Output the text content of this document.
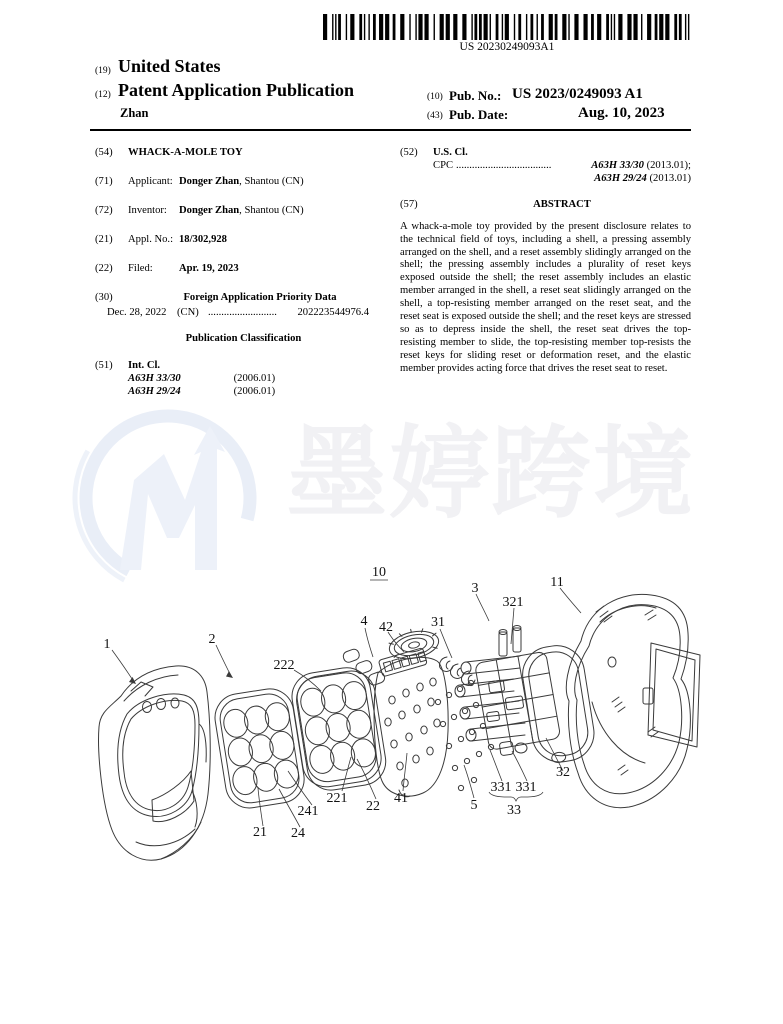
墨婷跨境
US 20230249093A1
(19) United States
(12) Patent Application Publication
Zhan
(10) Pub. No.: US 2023/0249093 A1
(43) Pub. Date:	Aug. 10, 2023
(54)	WHACK-A-MOLE TOY
(71)	Applicant: Donger Zhan, Shantou (CN)
(72)	Inventor: Donger Zhan, Shantou (CN)
(21)	Appl. No.: 18/302,928
(22)	Filed: Apr. 19, 2023
(30)	Foreign Application Priority Data
Dec. 28, 2022 (CN) ..........................	202223544976.4
Publication Classification
(51)	Int. Cl.
A63H 33/30	(2006.01)
A63H 29/24	(2006.01)
(52)	U.S. Cl.
CPC ....................................	A63H 33/30 (2013.01);
A63H 29/24 (2013.01)
(57)	ABSTRACT
A whack-a-mole toy provided by the present disclosure relates to the technical field of toys, including a shell, a pressing assembly arranged on the shell, and a reset assembly slidingly arranged on the shell; the pressing assembly includes a plurality of reset keys exposed outside the shell; the reset assembly includes an elastic member arranged in the shell, a reset seat slidingly arranged on the shell, a top-resisting member arranged on the reset seat, and the reset seat is exposed outside the shell; and the reset keys are stressed so as to depress inside the shell, the reset seat drives the top-resisting member to slide, the top-resisting member top-resists the reset keys for sliding reset or deformation reset, and the elastic member provides acting force that drives the reset seat to reset.
10
1	2
222
4 42	31
3
321
11
221
22
241
21 24
41	5
331 331
33
32
